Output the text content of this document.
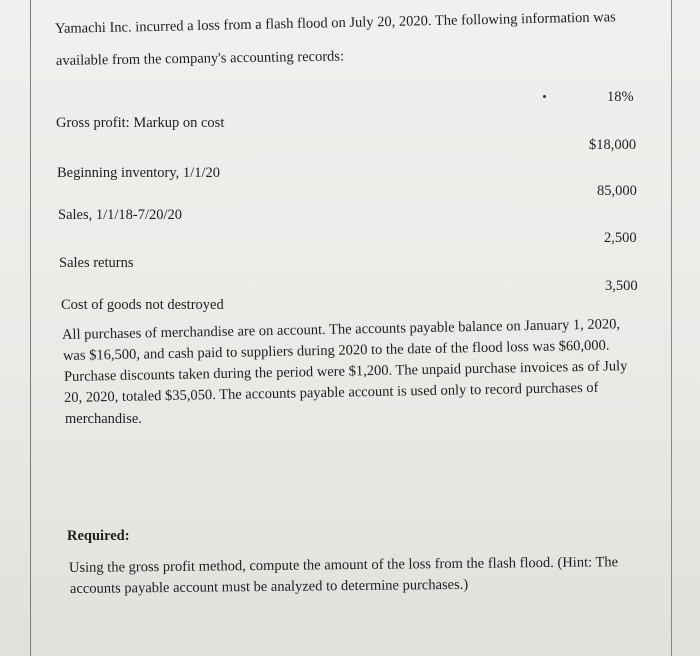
Yamachi Inc. incurred a loss from a flash flood on July 20, 2020. The following information was
available from the company's accounting records:
18%
Gross profit: Markup on cost
$18,000
Beginning inventory, 1/1/20
85,000
Sales, 1/1/18-7/20/20
2,500
Sales returns
3,500
Cost of goods not destroyed
All purchases of merchandise are on account. The accounts payable balance on January 1, 2020,
was $16,500, and cash paid to suppliers during 2020 to the date of the flood loss was $60,000.
Purchase discounts taken during the period were $1,200. The unpaid purchase invoices as of July
20, 2020, totaled $35,050. The accounts payable account is used only to record purchases of
merchandise.
Required:
Using the gross profit method, compute the amount of the loss from the flash flood. (Hint: The
accounts payable account must be analyzed to determine purchases.)
